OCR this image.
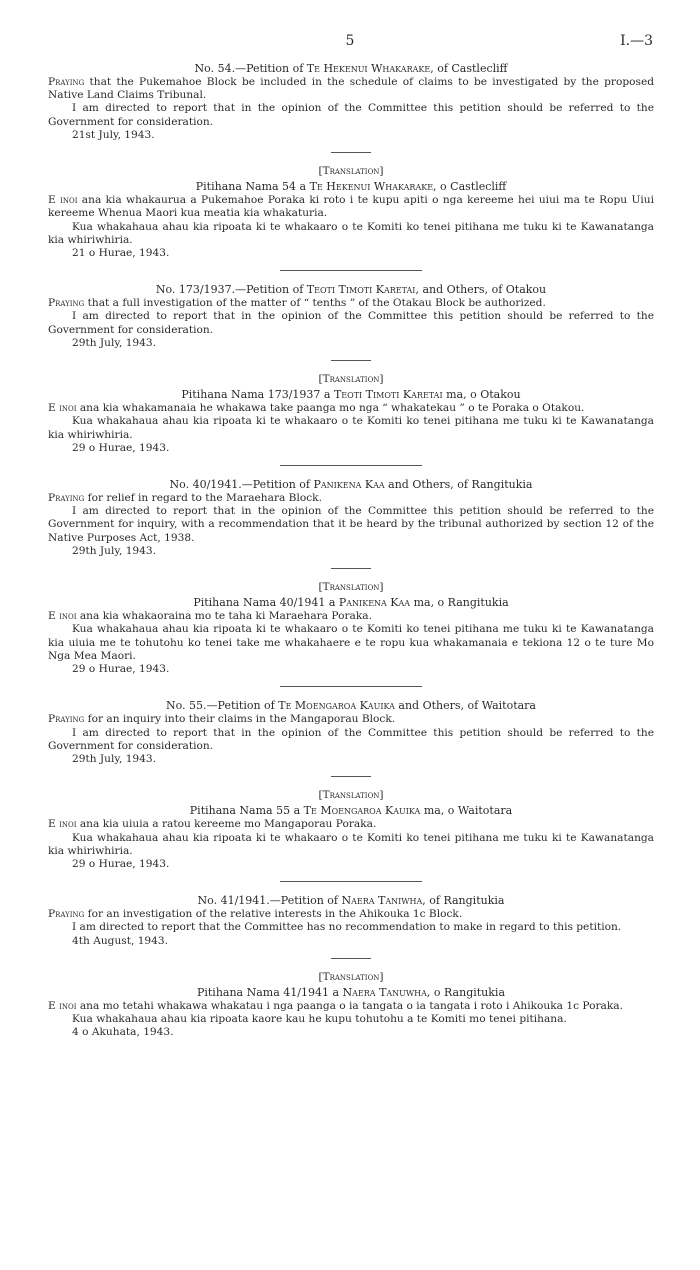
5	I.—3

No. 54.—Petition of Te Hekenui Whakarake, of Castlecliff

Praying that the Pukemahoe Block be included in the schedule of claims to be investigated by the proposed Native Land Claims Tribunal.

I am directed to report that in the opinion of the Committee this petition should be referred to the Government for consideration.

21st July, 1943.

[Translation]

Pitihana Nama 54 a Te Hekenui Whakarake, o Castlecliff

E inoi ana kia whakaurua a Pukemahoe Poraka ki roto i te kupu apiti o nga kereeme hei uiui ma te Ropu Uiui kereeme Whenua Maori kua meatia kia whakaturia.

Kua whakahaua ahau kia ripoata ki te whakaaro o te Komiti ko tenei pitihana me tuku ki te Kawanatanga kia whiriwhiria.

21 o Hurae, 1943.

No. 173/1937.—Petition of Teoti Timoti Karetai, and Others, of Otakou

Praying that a full investigation of the matter of “ tenths ” of the Otakau Block be authorized.

I am directed to report that in the opinion of the Committee this petition should be referred to the Government for consideration.

29th July, 1943.

[Translation]

Pitihana Nama 173/1937 a Teoti Timoti Karetai ma, o Otakou

E inoi ana kia whakamanaia he whakawa take paanga mo nga “ whakatekau ” o te Poraka o Otakou.

Kua whakahaua ahau kia ripoata ki te whakaaro o te Komiti ko tenei pitihana me tuku ki te Kawanatanga kia whiriwhiria.

29 o Hurae, 1943.

No. 40/1941.—Petition of Panikena Kaa and Others, of Rangitukia

Praying for relief in regard to the Maraehara Block.

I am directed to report that in the opinion of the Committee this petition should be referred to the Government for inquiry, with a recommendation that it be heard by the tribunal authorized by section 12 of the Native Purposes Act, 1938.

29th July, 1943.

[Translation]

Pitihana Nama 40/1941 a Panikena Kaa ma, o Rangitukia

E inoi ana kia whakaoraina mo te taha ki Maraehara Poraka.

Kua whakahaua ahau kia ripoata ki te whakaaro o te Komiti ko tenei pitihana me tuku ki te Kawanatanga kia uiuia me te tohutohu ko tenei take me whakahaere e te ropu kua whakamanaia e tekiona 12 o te ture Mo Nga Mea Maori.

29 o Hurae, 1943.

No. 55.—Petition of Te Moengaroa Kauika and Others, of Waitotara

Praying for an inquiry into their claims in the Mangaporau Block.

I am directed to report that in the opinion of the Committee this petition should be referred to the Government for consideration.

29th July, 1943.

[Translation]

Pitihana Nama 55 a Te Moengaroa Kauika ma, o Waitotara

E inoi ana kia uiuia a ratou kereeme mo Mangaporau Poraka.

Kua whakahaua ahau kia ripoata ki te whakaaro o te Komiti ko tenei pitihana me tuku ki te Kawanatanga kia whiriwhiria.

29 o Hurae, 1943.

No. 41/1941.—Petition of Naera Taniwha, of Rangitukia

Praying for an investigation of the relative interests in the Ahikouka 1c Block.

I am directed to report that the Committee has no recommendation to make in regard to this petition.

4th August, 1943.

[Translation]

Pitihana Nama 41/1941 a Naera Tanuwha, o Rangitukia

E inoi ana mo tetahi whakawa whakatau i nga paanga o ia tangata o ia tangata i roto i Ahikouka 1c Poraka.

Kua whakahaua ahau kia ripoata kaore kau he kupu tohutohu a te Komiti mo tenei pitihana.

4 o Akuhata, 1943.
